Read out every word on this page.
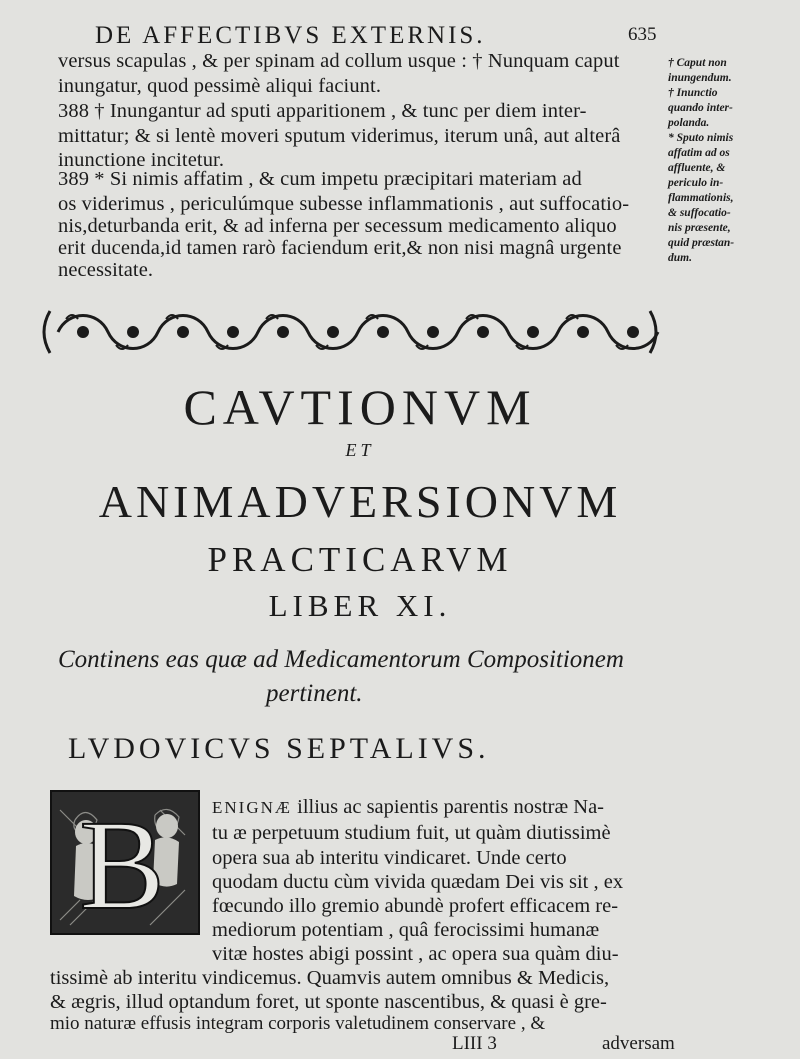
DE AFFECTIBVS EXTERNIS.	635
versus scapulas , & per spinam ad collum usque : † Nunquam caput
inungatur, quod pessimè aliqui faciunt.
388 † Inungantur ad sputi apparitionem , & tunc per diem inter-
mittatur; & si lentè moveri sputum viderimus, iterum unâ, aut alterâ
inunctione incitetur.
389 * Si nimis affatim , & cum impetu præcipitari materiam ad
os viderimus , periculúmque subesse inflammationis , aut suffocatio-
nis,deturbanda erit, & ad inferna per secessum medicamento aliquo
erit ducenda,id tamen rarò faciendum erit,& non nisi magnâ urgente
necessitate.
† Caput non
inungendum.
† Inunctio
quando inter-
polanda.
* Sputo nimis
affatim ad os
affluente, &
periculo in-
flammationis,
& suffocatio-
nis præsente,
quid præstan-
dum.
CAVTIONVM
ET
ANIMADVERSIONVM
PRACTICARVM
LIBER XI.
Continens eas quæ ad Medicamentorum Compositionem
pertinent.
LVDOVICVS SEPTALIVS.
B	ENIGNÆ illius ac sapientis parentis nostræ Na-
tu æ perpetuum studium fuit, ut quàm diutissimè
opera sua ab interitu vindicaret. Unde certo
quodam ductu cùm vivida quædam Dei vis sit , ex
fœcundo illo gremio abundè profert efficacem re-
mediorum potentiam , quâ ferocissimi humanæ
vitæ hostes abigi possint , ac opera sua quàm diu-
tissimè ab interitu vindicemus. Quamvis autem omnibus & Medicis,
& ægris, illud optandum foret, ut sponte nascentibus, & quasi è gre-
mio naturæ effusis integram corporis valetudinem conservare , &
LIII 3	adversam
